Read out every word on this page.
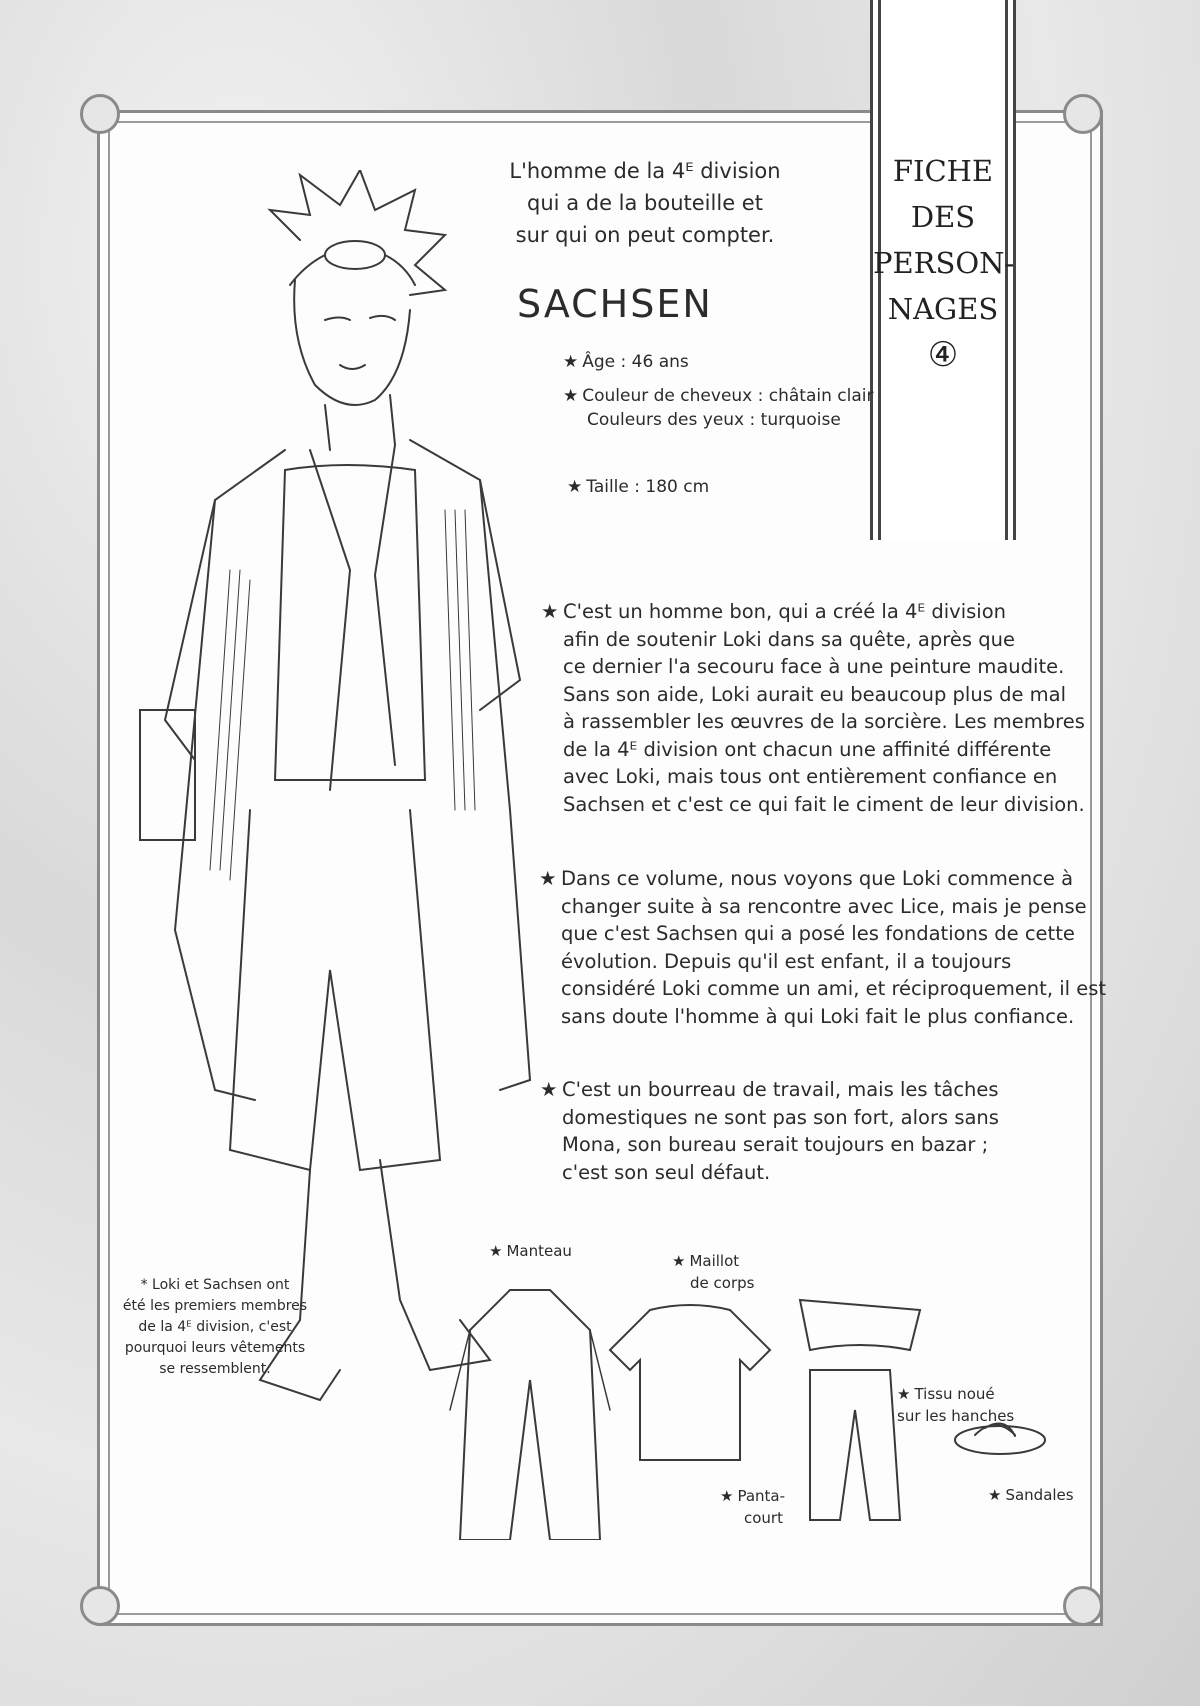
FICHE
DES
PERSON-
NAGES
④
L'homme de la 4ᴱ division
qui a de la bouteille et
sur qui on peut compter.
SACHSEN
★ Âge : 46 ans
★ Couleur de cheveux : châtain clair
Couleurs des yeux : turquoise
★ Taille : 180 cm
★ C'est un homme bon, qui a créé la 4ᴱ division

afin de soutenir Loki dans sa quête, après que

ce dernier l'a secouru face à une peinture maudite.

Sans son aide, Loki aurait eu beaucoup plus de mal

à rassembler les œuvres de la sorcière. Les membres

de la 4ᴱ division ont chacun une affinité différente

avec Loki, mais tous ont entièrement confiance en

Sachsen et c'est ce qui fait le ciment de leur division.

★ Dans ce volume, nous voyons que Loki commence à

changer suite à sa rencontre avec Lice, mais je pense

que c'est Sachsen qui a posé les fondations de cette

évolution. Depuis qu'il est enfant, il a toujours

considéré Loki comme un ami, et réciproquement, il est

sans doute l'homme à qui Loki fait le plus confiance.

★ C'est un bourreau de travail, mais les tâches

domestiques ne sont pas son fort, alors sans

Mona, son bureau serait toujours en bazar ;

c'est son seul défaut.

* Loki et Sachsen ont
été les premiers membres
de la 4ᴱ division, c'est
pourquoi leurs vêtements
se ressemblent.
★ Manteau
★ Maillot
de corps
★ Tissu noué
sur les hanches
★ Panta-
court
★ Sandales
